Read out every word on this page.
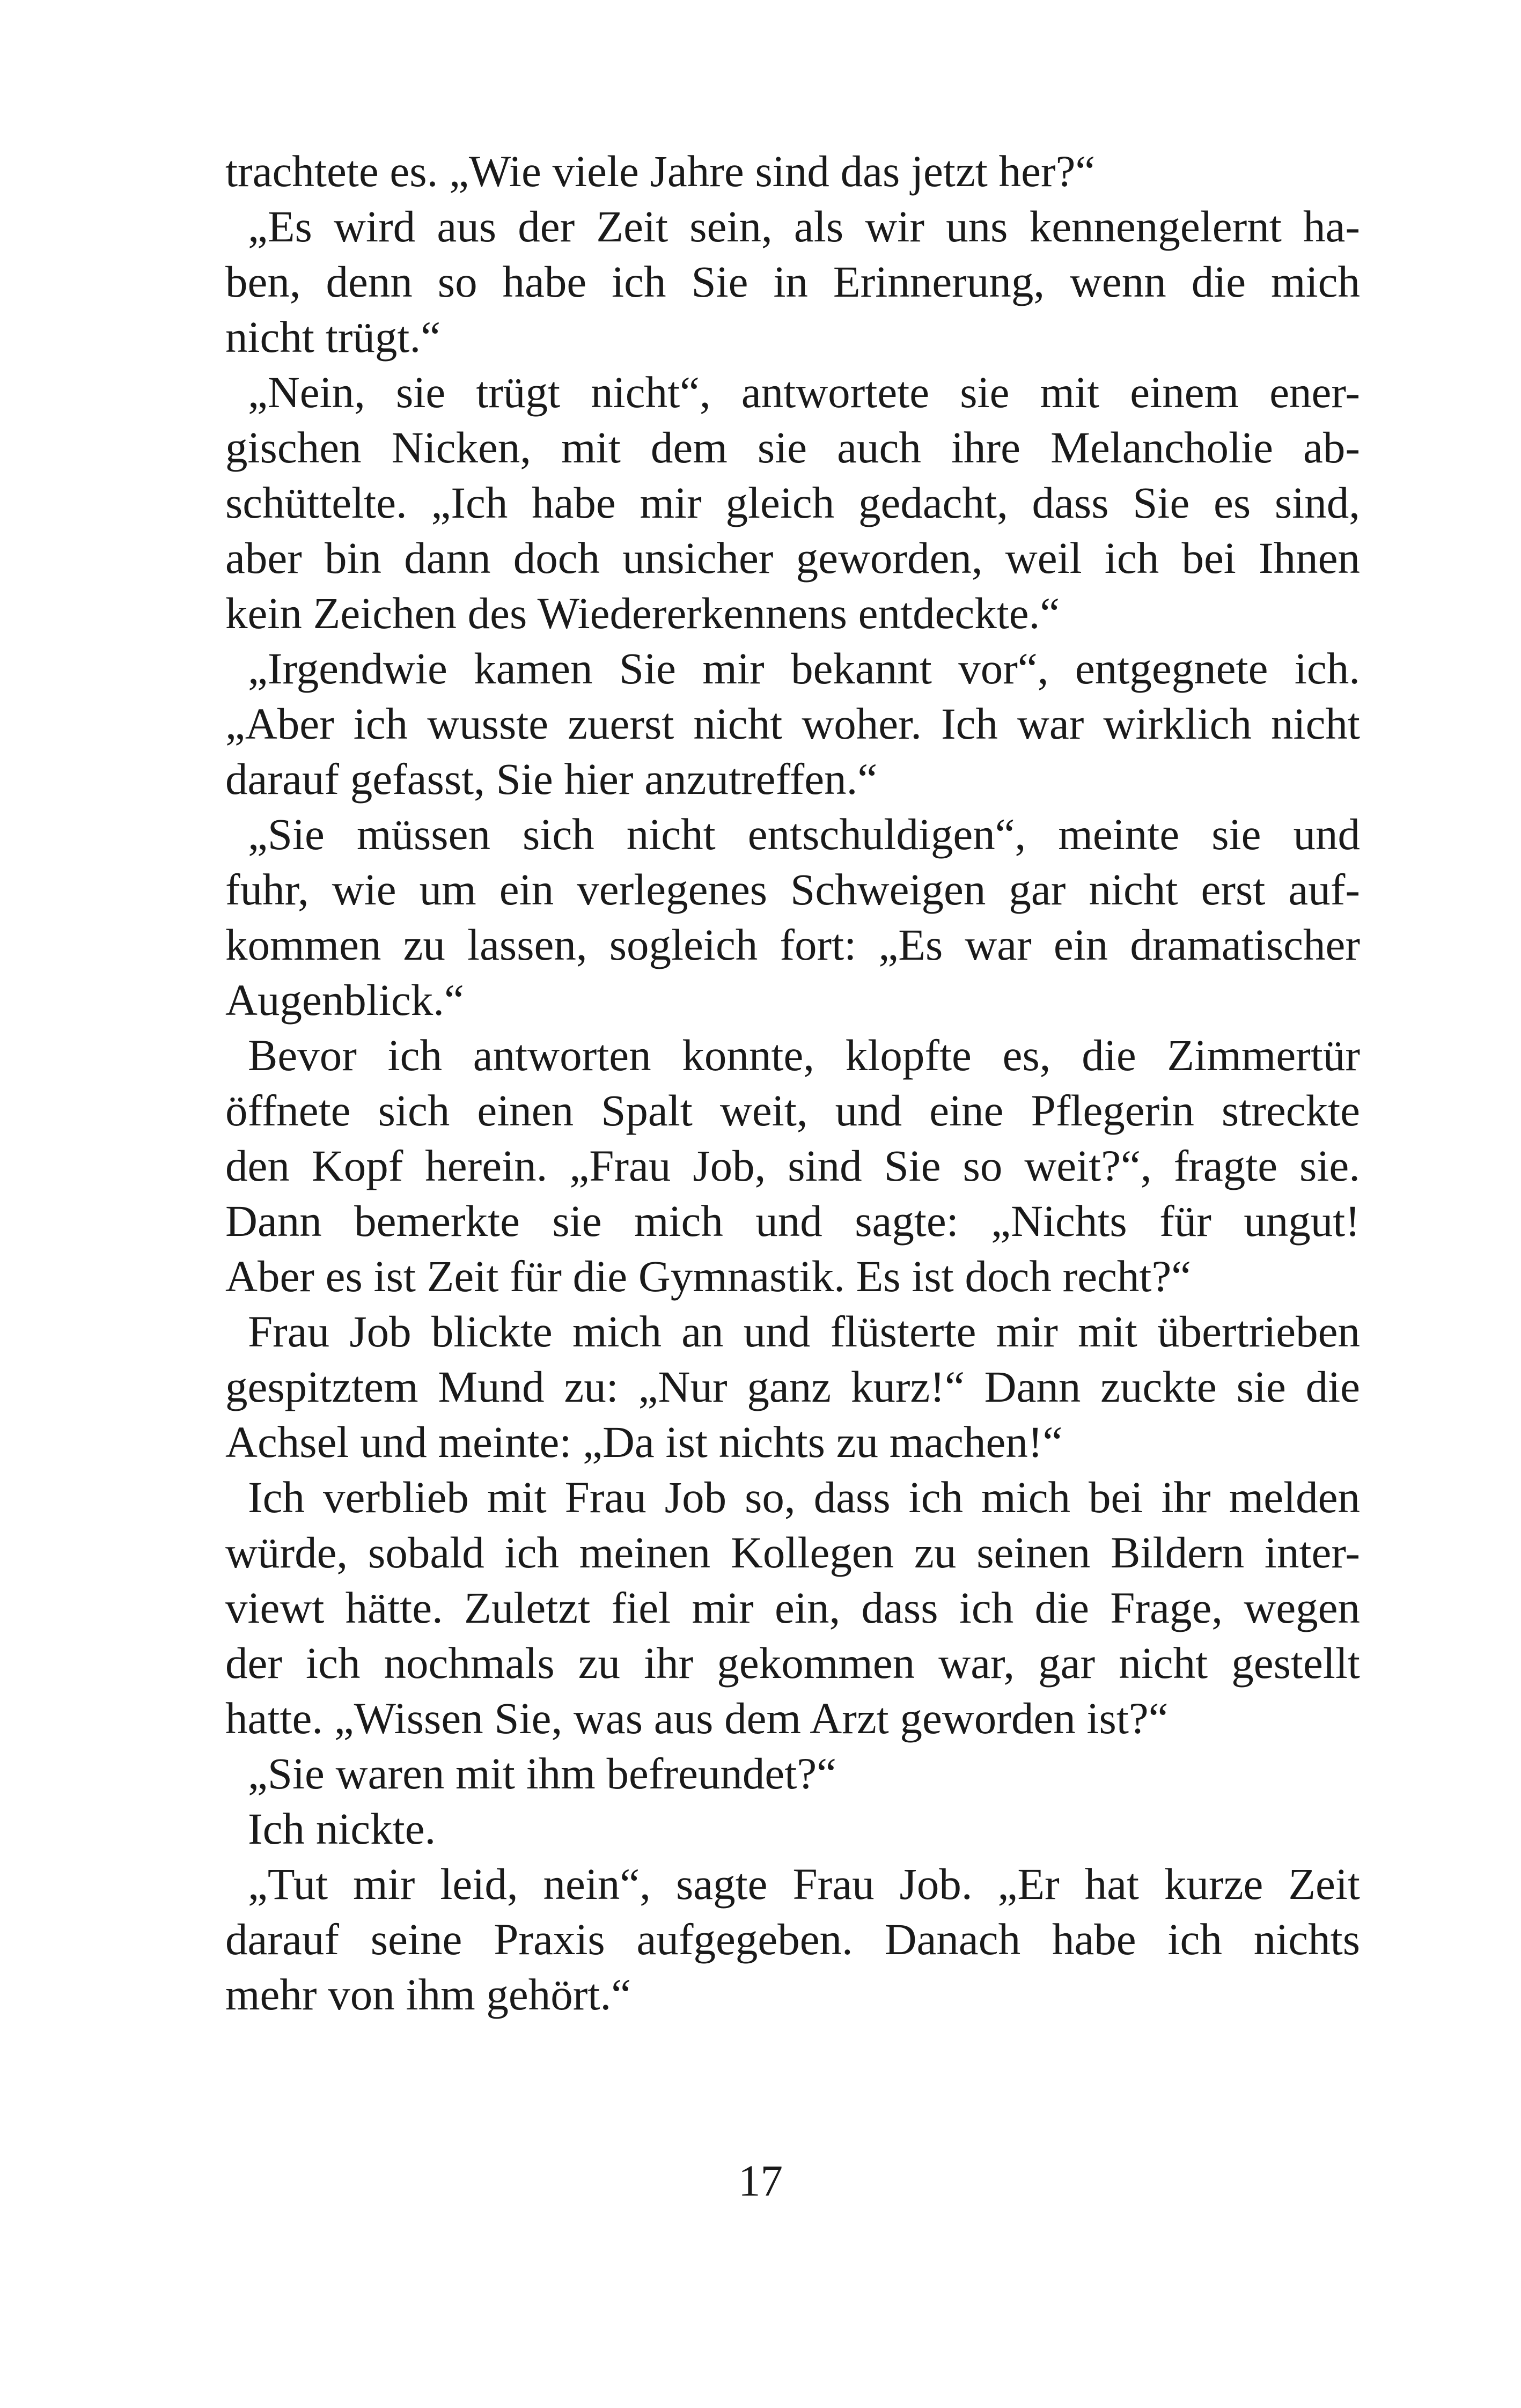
trachtete es. „Wie viele Jahre sind das jetzt her?“
„Es wird aus der Zeit sein, als wir uns kennengelernt ha-
ben, denn so habe ich Sie in Erinnerung, wenn die mich
nicht trügt.“
„Nein, sie trügt nicht“, antwortete sie mit einem ener-
gischen Nicken, mit dem sie auch ihre Melancholie ab-
schüttelte. „Ich habe mir gleich gedacht, dass Sie es sind,
aber bin dann doch unsicher geworden, weil ich bei Ihnen
kein Zeichen des Wiedererkennens entdeckte.“
„Irgendwie kamen Sie mir bekannt vor“, entgegnete ich.
„Aber ich wusste zuerst nicht woher. Ich war wirklich nicht
darauf gefasst, Sie hier anzutreffen.“
„Sie müssen sich nicht entschuldigen“, meinte sie und
fuhr, wie um ein verlegenes Schweigen gar nicht erst auf-
kommen zu lassen, sogleich fort: „Es war ein dramatischer
Augenblick.“
Bevor ich antworten konnte, klopfte es, die Zimmertür
öffnete sich einen Spalt weit, und eine Pflegerin streckte
den Kopf herein. „Frau Job, sind Sie so weit?“, fragte sie.
Dann bemerkte sie mich und sagte: „Nichts für ungut!
Aber es ist Zeit für die Gymnastik. Es ist doch recht?“
Frau Job blickte mich an und flüsterte mir mit übertrieben
gespitztem Mund zu: „Nur ganz kurz!“ Dann zuckte sie die
Achsel und meinte: „Da ist nichts zu machen!“
Ich verblieb mit Frau Job so, dass ich mich bei ihr melden
würde, sobald ich meinen Kollegen zu seinen Bildern inter-
viewt hätte. Zuletzt fiel mir ein, dass ich die Frage, wegen
der ich nochmals zu ihr gekommen war, gar nicht gestellt
hatte. „Wissen Sie, was aus dem Arzt geworden ist?“
„Sie waren mit ihm befreundet?“
Ich nickte.
„Tut mir leid, nein“, sagte Frau Job. „Er hat kurze Zeit
darauf seine Praxis aufgegeben. Danach habe ich nichts
mehr von ihm gehört.“
17
